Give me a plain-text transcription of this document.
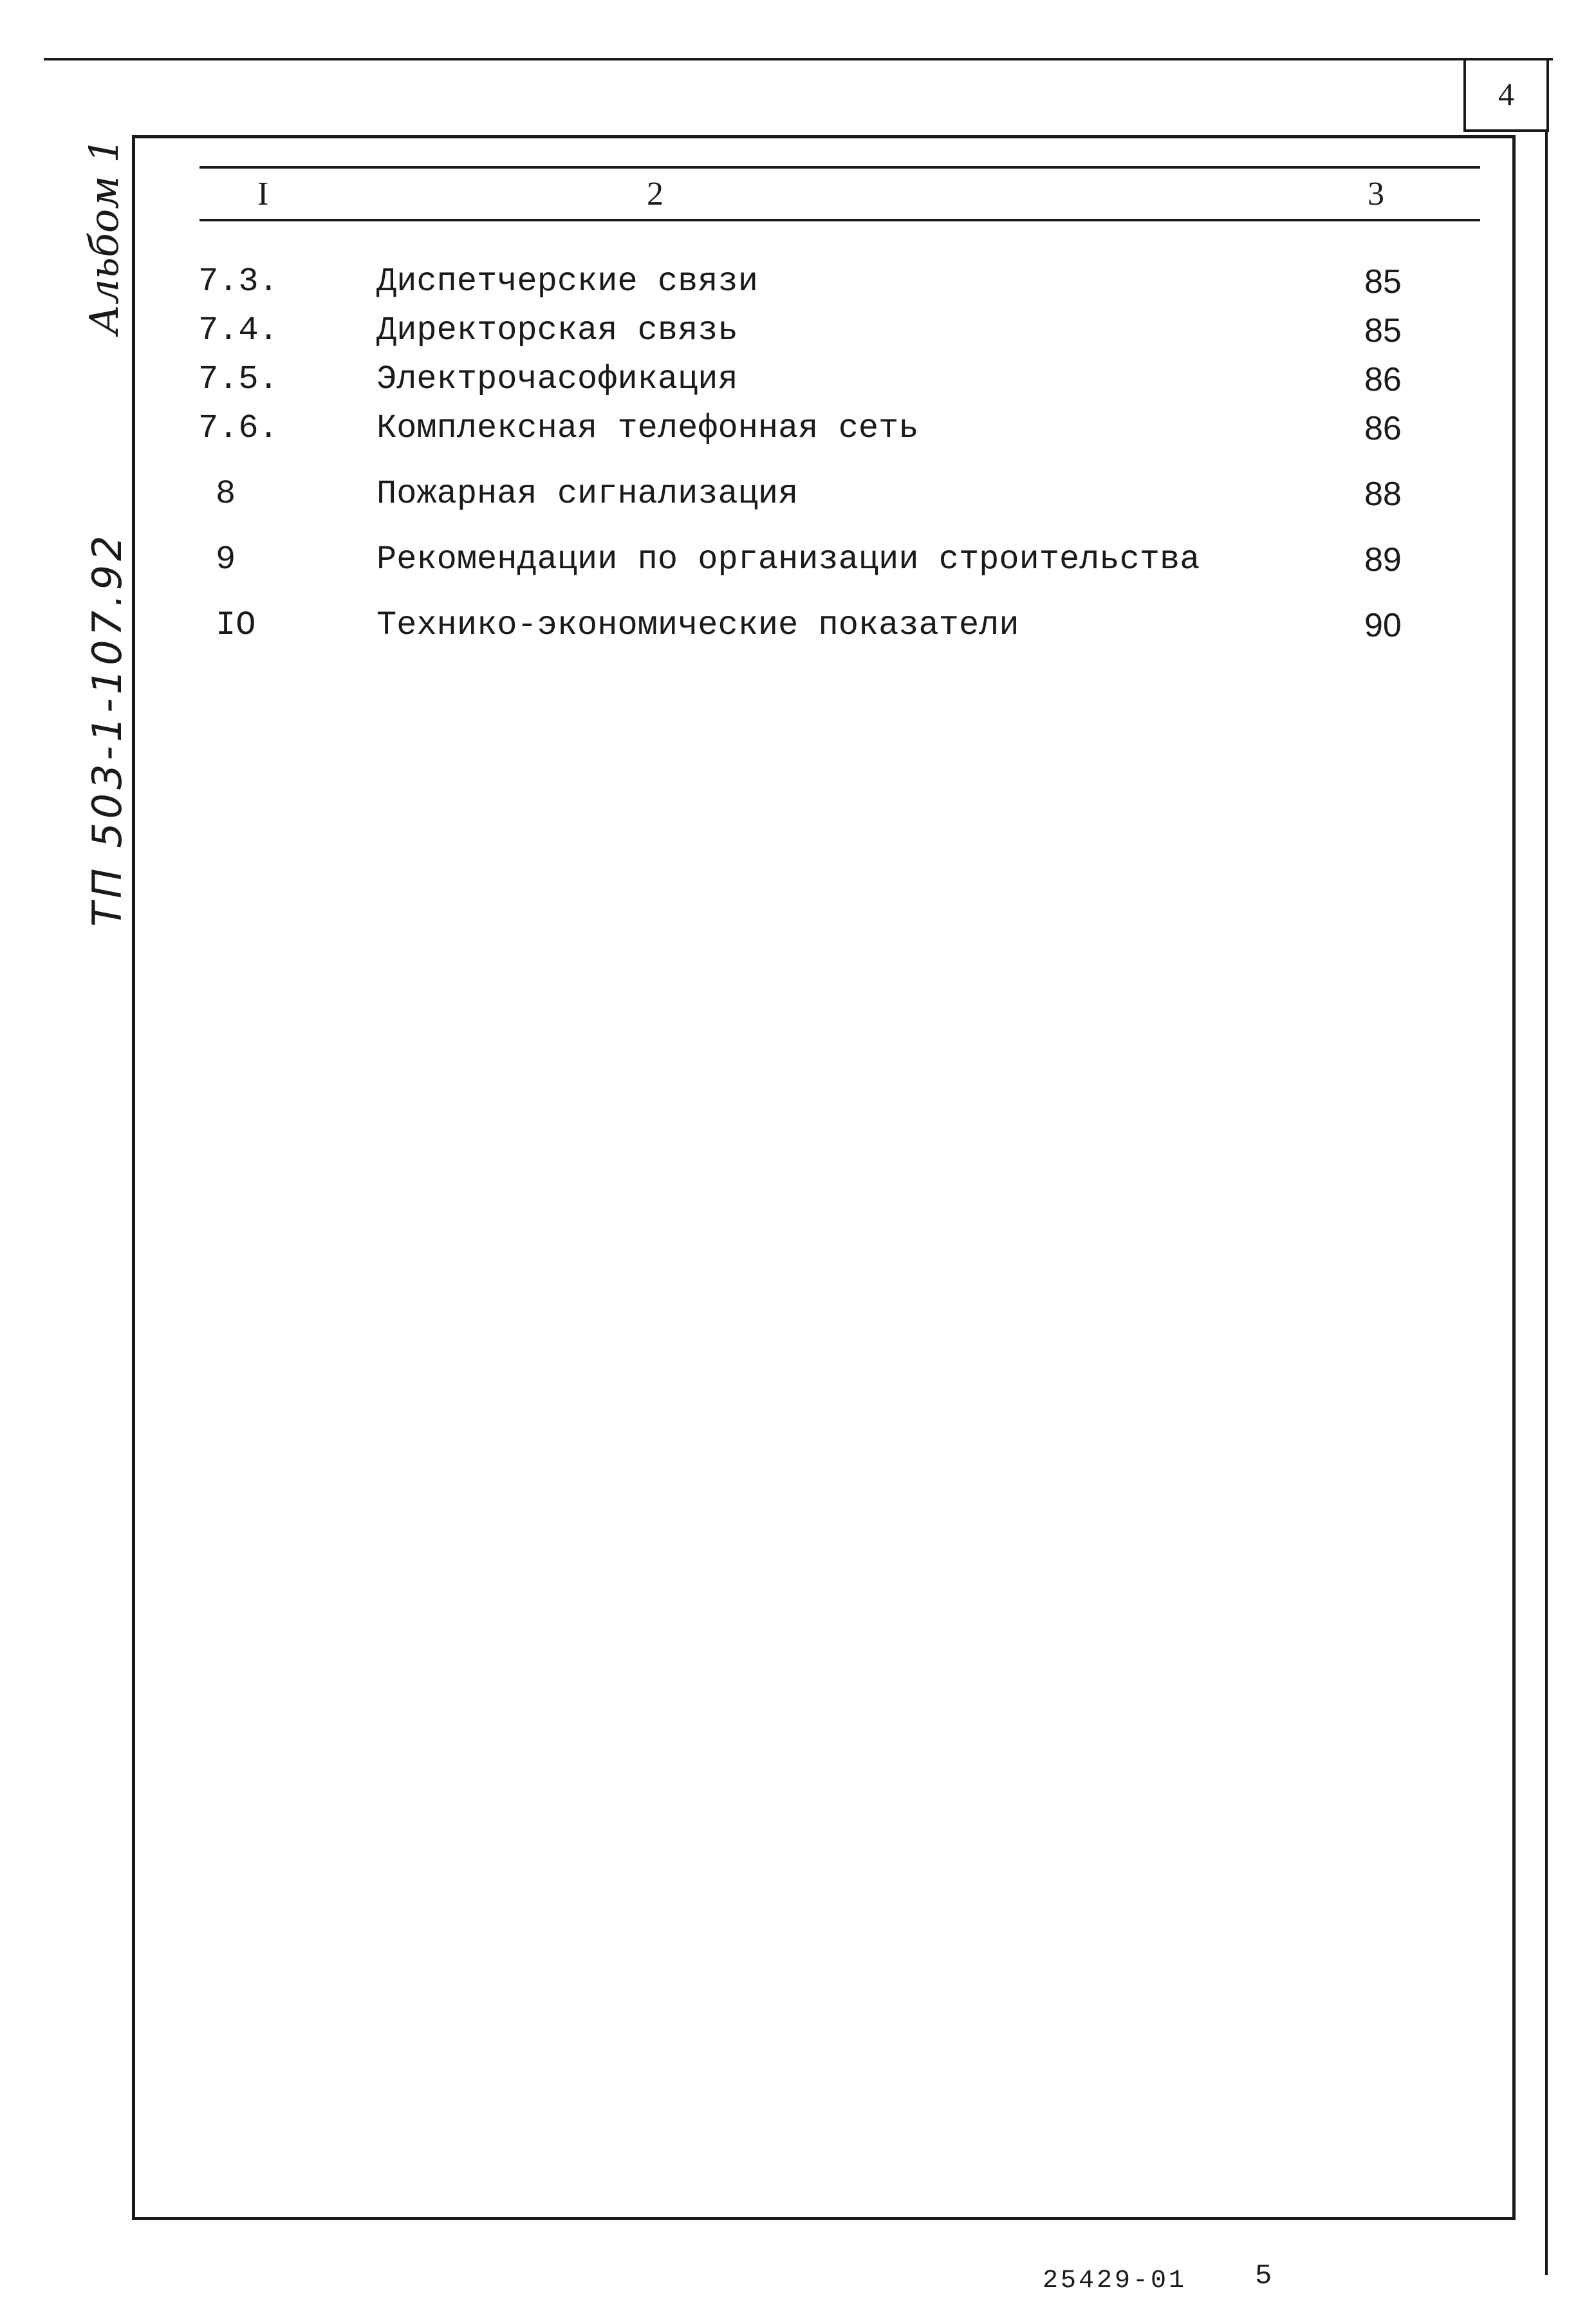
4
Альбом 1
ТП 503-1-107.92
I	2	3
7.3.	Диспетчерские связи	85
7.4.	Директорская связь	85
7.5.	Электрочасофикация	86
7.6.	Комплексная телефонная сеть	86
8	Пожарная сигнализация	88
9	Рекомендации по организации строительства	89
IO	Технико-экономические показатели	90
25429-01 5
